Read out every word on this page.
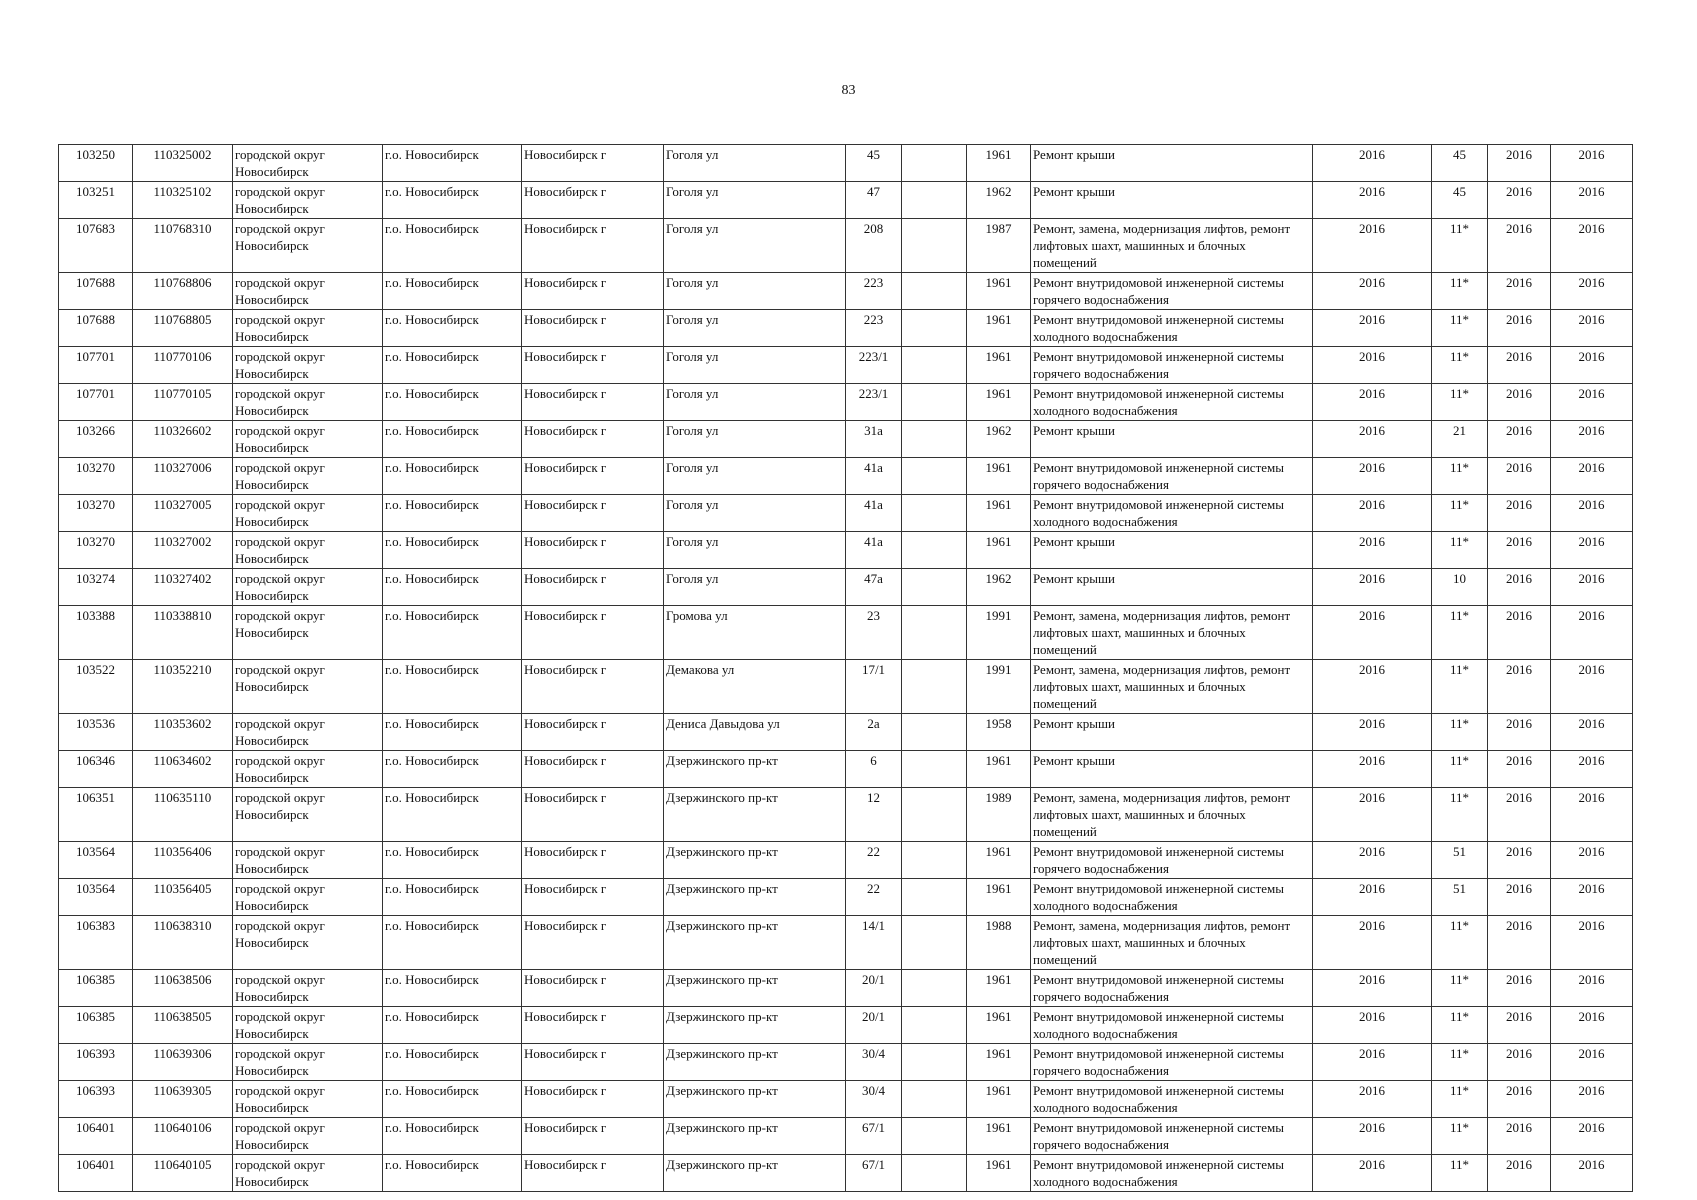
83
103250	110325002	городской округ Новосибирск	г.о. Новосибирск	Новосибирск г	Гоголя ул	45		1961	Ремонт крыши	2016	45	2016	2016
103251	110325102	городской округ Новосибирск	г.о. Новосибирск	Новосибирск г	Гоголя ул	47		1962	Ремонт крыши	2016	45	2016	2016
107683	110768310	городской округ Новосибирск	г.о. Новосибирск	Новосибирск г	Гоголя ул	208		1987	Ремонт, замена, модернизация лифтов, ремонт лифтовых шахт, машинных и блочных помещений	2016	11*	2016	2016
107688	110768806	городской округ Новосибирск	г.о. Новосибирск	Новосибирск г	Гоголя ул	223		1961	Ремонт внутридомовой инженерной системы горячего водоснабжения	2016	11*	2016	2016
107688	110768805	городской округ Новосибирск	г.о. Новосибирск	Новосибирск г	Гоголя ул	223		1961	Ремонт внутридомовой инженерной системы холодного водоснабжения	2016	11*	2016	2016
107701	110770106	городской округ Новосибирск	г.о. Новосибирск	Новосибирск г	Гоголя ул	223/1		1961	Ремонт внутридомовой инженерной системы горячего водоснабжения	2016	11*	2016	2016
107701	110770105	городской округ Новосибирск	г.о. Новосибирск	Новосибирск г	Гоголя ул	223/1		1961	Ремонт внутридомовой инженерной системы холодного водоснабжения	2016	11*	2016	2016
103266	110326602	городской округ Новосибирск	г.о. Новосибирск	Новосибирск г	Гоголя ул	31а		1962	Ремонт крыши	2016	21	2016	2016
103270	110327006	городской округ Новосибирск	г.о. Новосибирск	Новосибирск г	Гоголя ул	41а		1961	Ремонт внутридомовой инженерной системы горячего водоснабжения	2016	11*	2016	2016
103270	110327005	городской округ Новосибирск	г.о. Новосибирск	Новосибирск г	Гоголя ул	41а		1961	Ремонт внутридомовой инженерной системы холодного водоснабжения	2016	11*	2016	2016
103270	110327002	городской округ Новосибирск	г.о. Новосибирск	Новосибирск г	Гоголя ул	41а		1961	Ремонт крыши	2016	11*	2016	2016
103274	110327402	городской округ Новосибирск	г.о. Новосибирск	Новосибирск г	Гоголя ул	47а		1962	Ремонт крыши	2016	10	2016	2016
103388	110338810	городской округ Новосибирск	г.о. Новосибирск	Новосибирск г	Громова ул	23		1991	Ремонт, замена, модернизация лифтов, ремонт лифтовых шахт, машинных и блочных помещений	2016	11*	2016	2016
103522	110352210	городской округ Новосибирск	г.о. Новосибирск	Новосибирск г	Демакова ул	17/1		1991	Ремонт, замена, модернизация лифтов, ремонт лифтовых шахт, машинных и блочных помещений	2016	11*	2016	2016
103536	110353602	городской округ Новосибирск	г.о. Новосибирск	Новосибирск г	Дениса Давыдова ул	2а		1958	Ремонт крыши	2016	11*	2016	2016
106346	110634602	городской округ Новосибирск	г.о. Новосибирск	Новосибирск г	Дзержинского пр-кт	6		1961	Ремонт крыши	2016	11*	2016	2016
106351	110635110	городской округ Новосибирск	г.о. Новосибирск	Новосибирск г	Дзержинского пр-кт	12		1989	Ремонт, замена, модернизация лифтов, ремонт лифтовых шахт, машинных и блочных помещений	2016	11*	2016	2016
103564	110356406	городской округ Новосибирск	г.о. Новосибирск	Новосибирск г	Дзержинского пр-кт	22		1961	Ремонт внутридомовой инженерной системы горячего водоснабжения	2016	51	2016	2016
103564	110356405	городской округ Новосибирск	г.о. Новосибирск	Новосибирск г	Дзержинского пр-кт	22		1961	Ремонт внутридомовой инженерной системы холодного водоснабжения	2016	51	2016	2016
106383	110638310	городской округ Новосибирск	г.о. Новосибирск	Новосибирск г	Дзержинского пр-кт	14/1		1988	Ремонт, замена, модернизация лифтов, ремонт лифтовых шахт, машинных и блочных помещений	2016	11*	2016	2016
106385	110638506	городской округ Новосибирск	г.о. Новосибирск	Новосибирск г	Дзержинского пр-кт	20/1		1961	Ремонт внутридомовой инженерной системы горячего водоснабжения	2016	11*	2016	2016
106385	110638505	городской округ Новосибирск	г.о. Новосибирск	Новосибирск г	Дзержинского пр-кт	20/1		1961	Ремонт внутридомовой инженерной системы холодного водоснабжения	2016	11*	2016	2016
106393	110639306	городской округ Новосибирск	г.о. Новосибирск	Новосибирск г	Дзержинского пр-кт	30/4		1961	Ремонт внутридомовой инженерной системы горячего водоснабжения	2016	11*	2016	2016
106393	110639305	городской округ Новосибирск	г.о. Новосибирск	Новосибирск г	Дзержинского пр-кт	30/4		1961	Ремонт внутридомовой инженерной системы холодного водоснабжения	2016	11*	2016	2016
106401	110640106	городской округ Новосибирск	г.о. Новосибирск	Новосибирск г	Дзержинского пр-кт	67/1		1961	Ремонт внутридомовой инженерной системы горячего водоснабжения	2016	11*	2016	2016
106401	110640105	городской округ Новосибирск	г.о. Новосибирск	Новосибирск г	Дзержинского пр-кт	67/1		1961	Ремонт внутридомовой инженерной системы холодного водоснабжения	2016	11*	2016	2016
